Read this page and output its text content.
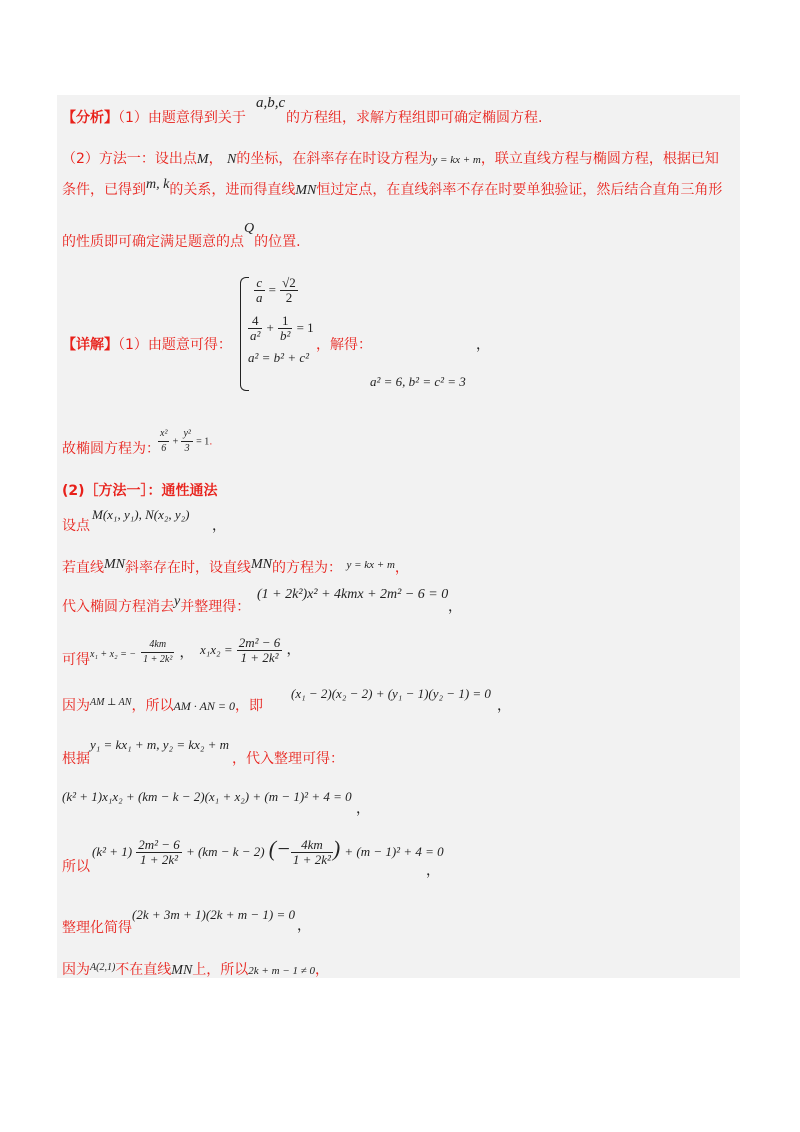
【分析】（1）由题意得到关于
a,b,c
的方程组，求解方程组即可确定椭圆方程.
（2）方法一：设出点M， N的坐标，在斜率存在时设方程为y = kx + m，联立直线方程与椭圆方程，根据已知
条件，已得到m, k的关系，进而得直线MN恒过定点，在直线斜率不存在时要单独验证，然后结合直角三角形
的性质即可确定满足题意的点Q的位置.
$\frac{c}{a} = \frac{√2}{2}$
$\frac{4}{\text{a²}} + \frac{1}{\text{b²}} = 1$
a² = b² + c²
【详解】（1）由题意可得：	，解得：	，
a² = 6, b² = c² = 3
故椭圆方程为：
$\frac{\text{x²}}{6} + \frac{\text{y²}}{3} = 1$.
(2)［方法一］：通性通法
设点
M(x₁, y₁), N(x₂, y₂)
，
若直线MN斜率存在时，设直线MN的方程为： $^{y = kx + m}$，
代入椭圆方程消去y并整理得：
(1 + 2k²)x² + 4kmx + 2m² − 6 = 0
，
可得 x₁ + x₂ = − $\frac{4km}{\text{1 + 2k²}}$ ， $x_1x_2 = \frac{\text{2m² − 6}}{\text{1 + 2k²}}$ ，
因为$^{AM \perp AN}$，所以AM · AN = 0，即
(x₁ − 2)(x₂ − 2) + (y₁ − 1)(y₂ − 1) = 0
，
根据
y₁ = kx₁ + m, y₂ = kx₂ + m
，代入整理可得：
(k² + 1)x₁x₂ + (km − k − 2)(x₁ + x₂) + (m − 1)² + 4 = 0
，
所以
$(k^2 + 1) \frac{\text{2m² − 6}}{\text{1 + 2k²}} + (km - k - 2)$ (− $\frac{4km}{\text{1 + 2k²}}$ ) + (m − 1)² + 4 = 0
，
整理化简得
(2k + 3m + 1)(2k + m − 1) = 0
，
因为$^{A(2,1)}$不在直线MN上，所以2k + m − 1 ≠ 0，
